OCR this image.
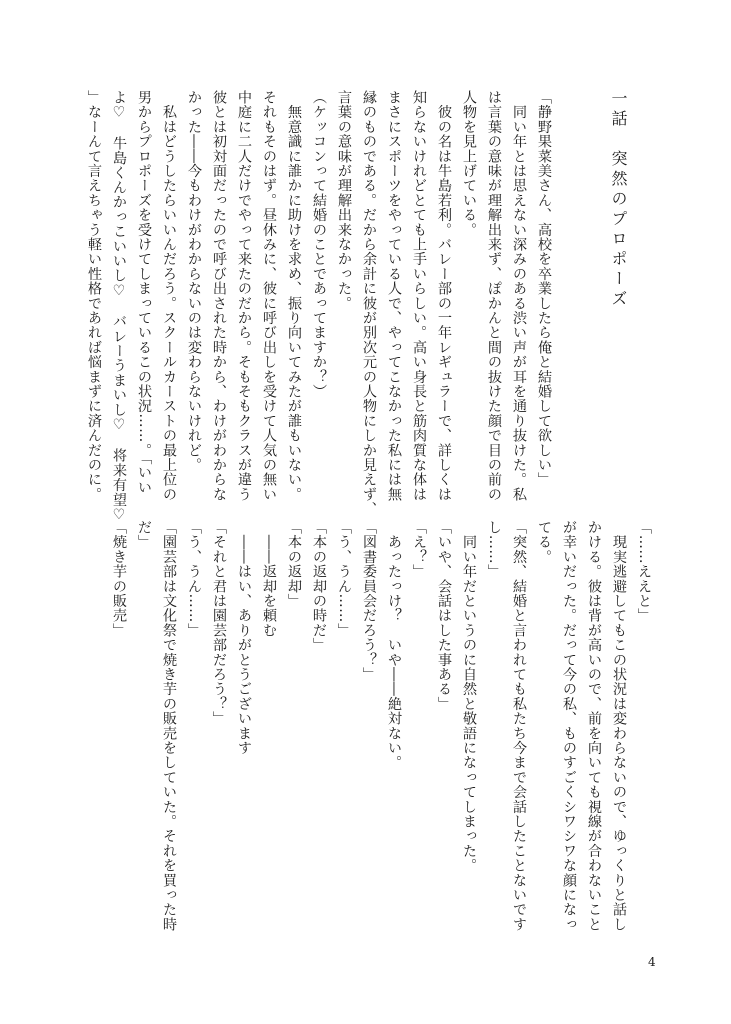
一話　突然のプロポーズ

「静野果菜美さん、高校を卒業したら俺と結婚して欲しい」

　同い年とは思えない深みのある渋い声が耳を通り抜けた。私

は言葉の意味が理解出来ず、ぽかんと間の抜けた顔で目の前の

人物を見上げている。

　彼の名は牛島若利。バレー部の一年レギュラーで、詳しくは

知らないけれどとても上手いらしい。高い身長と筋肉質な体は

まさにスポーツをやっている人で、やってこなかった私には無

縁のものである。だから余計に彼が別次元の人物にしか見えず、

言葉の意味が理解出来なかった。

（ケッコンって結婚のことであってますか？）

　無意識に誰かに助けを求め、振り向いてみたが誰もいない。

それもそのはず。昼休みに、彼に呼び出しを受けて人気の無い

中庭に二人だけでやって来たのだから。そもそもクラスが違う

彼とは初対面だったので呼び出された時から、わけがわからな

かった――今もわけがわからないのは変わらないけれど。

　私はどうしたらいいんだろう。スクールカーストの最上位の

男からプロポーズを受けてしまっているこの状況……。「いい

よ♡　牛島くんかっこいいし♡　バレーうまいし♡　将来有望♡

」なーんて言えちゃう軽い性格であれば悩まずに済んだのに。

「……ええと」

　現実逃避してもこの状況は変わらないので、ゆっくりと話し

かける。彼は背が高いので、前を向いても視線が合わないこと

が幸いだった。だって今の私、ものすごくシワシワな顔になっ

てる。

「突然、結婚と言われても私たち今まで会話したことないです

し……」

　同い年だというのに自然と敬語になってしまった。

「いや、会話はした事ある」

「え？」

　あったっけ？　いや――絶対ない。

「図書委員会だろう？」

「う、うん……」

「本の返却の時だ」

「本の返却」

　――返却を頼む

　――はい、ありがとうございます

「それと君は園芸部だろう？」

「う、うん……」

「園芸部は文化祭で焼き芋の販売をしていた。それを買った時

だ」

「焼き芋の販売」

4
